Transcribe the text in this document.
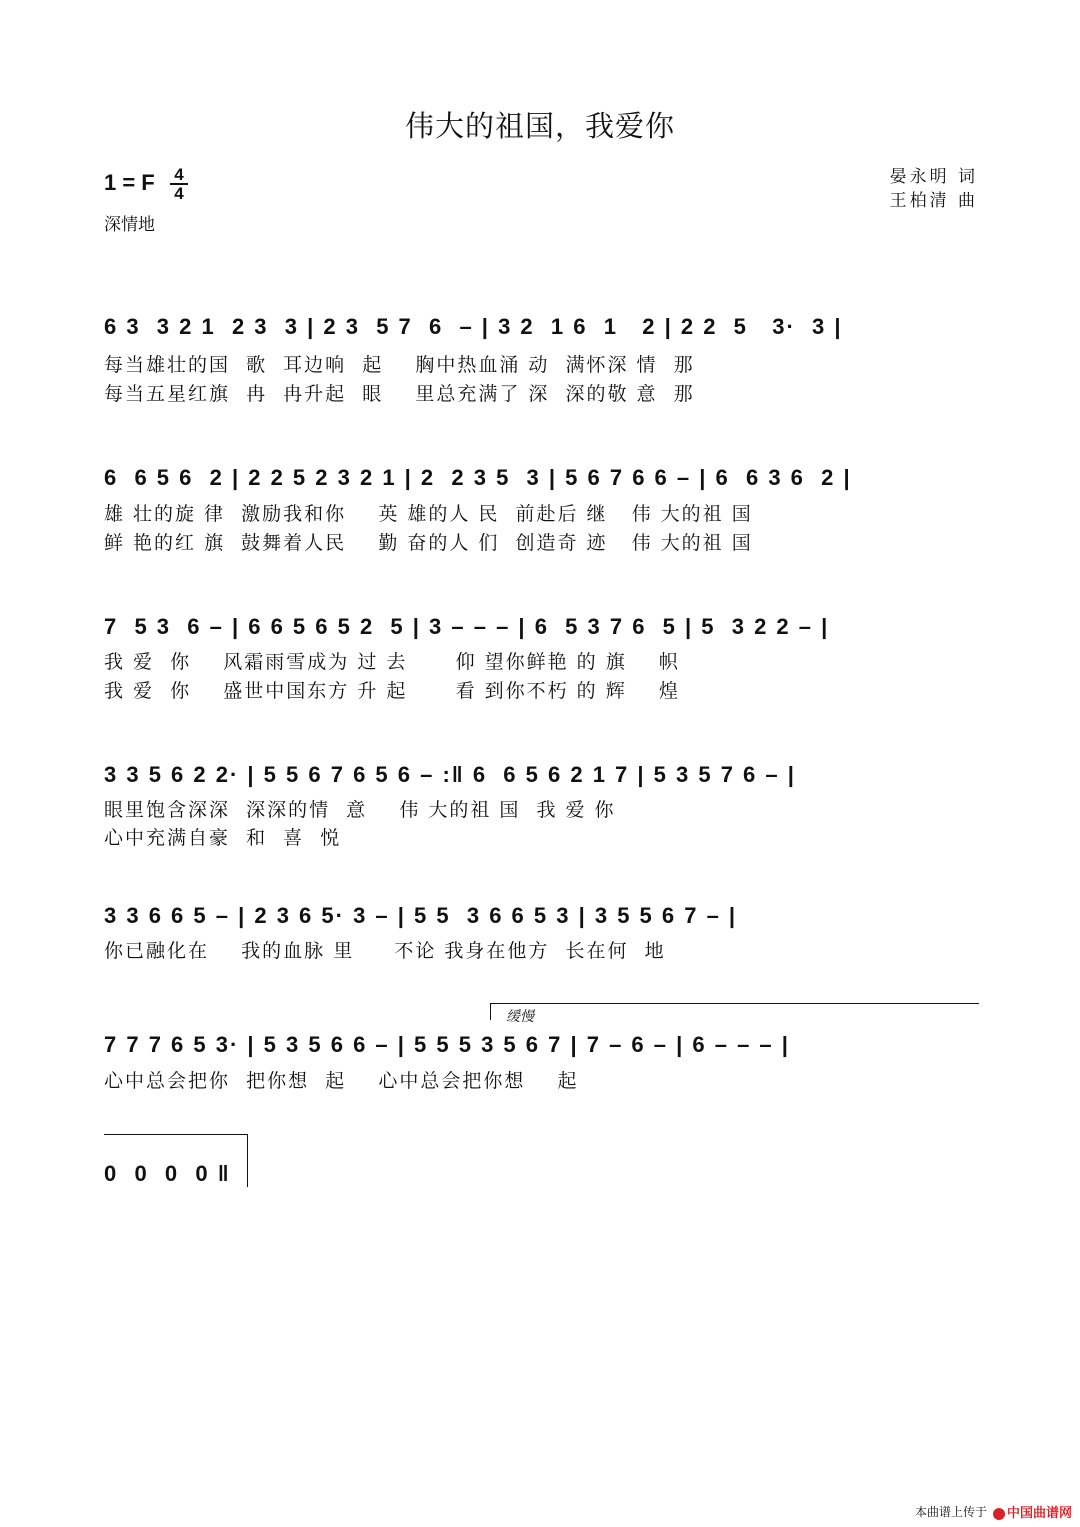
伟大的祖国，我爱你
1 = F 4
4
深情地
晏永明 词
王柏清 曲
6 3  3 2 1  2 3  3 | 2 3  5 7  6  – | 3 2  1 6  1   2 | 2 2  5   3·  3 |
每当雄壮的国  歌  耳边响  起    胸中热血涌 动  满怀深 情  那
每当五星红旗  冉  冉升起  眼    里总充满了 深  深的敬 意  那
6  6 5 6  2 | 2 2 5 2 3 2 1 | 2  2 3 5  3 | 5 6 7 6 6 – | 6  6 3 6  2 |
雄 壮的旋 律  激励我和你    英 雄的人 民  前赴后 继   伟 大的祖 国
鲜 艳的红 旗  鼓舞着人民    勤 奋的人 们  创造奇 迹   伟 大的祖 国
7  5 3  6 – | 6 6 5 6 5 2  5 | 3 – – – | 6  5 3 7 6  5 | 5  3 2 2 – |
我 爱  你    风霜雨雪成为 过 去      仰 望你鲜艳 的 旗    帜
我 爱  你    盛世中国东方 升 起      看 到你不朽 的 辉    煌
3 3 5 6 2 2· | 5 5 6 7 6 5 6 – :‖ 6  6 5 6 2 1 7 | 5 3 5 7 6 – |
眼里饱含深深  深深的情  意    伟 大的祖 国  我 爱 你
心中充满自豪  和  喜  悦
3 3 6 6 5 – | 2 3 6 5· 3 – | 5 5  3 6 6 5 3 | 3 5 5 6 7 – |
你已融化在    我的血脉 里     不论 我身在他方  长在何  地
缓慢
7 7 7 6 5 3· | 5 3 5 6 6 – | 5 5 5 3 5 6 7 | 7 – 6 – | 6 – – – |
心中总会把你  把你想  起    心中总会把你想    起
0  0  0  0 ‖
本曲谱上传于	中国曲谱网
